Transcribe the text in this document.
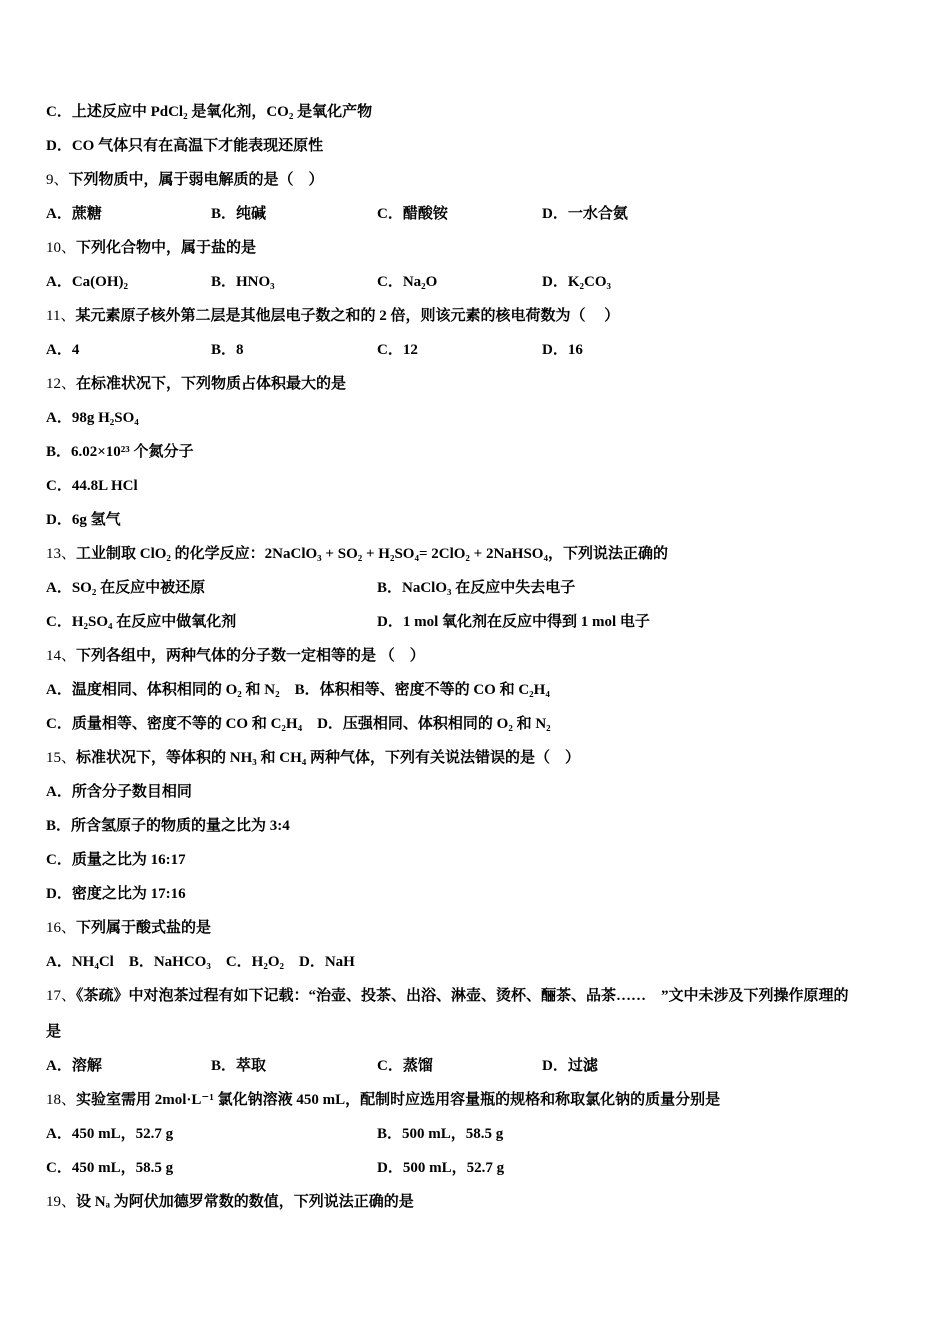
C．上述反应中 PdCl₂ 是氧化剂，CO₂ 是氧化产物
D．CO 气体只有在高温下才能表现还原性
9、下列物质中，属于弱电解质的是（　）
A．蔗糖	B．纯碱	C．醋酸铵	D．一水合氨
10、下列化合物中，属于盐的是
A．Ca(OH)₂	B．HNO₃	C．Na₂O	D．K₂CO₃
11、某元素原子核外第二层是其他层电子数之和的 2 倍，则该元素的核电荷数为（　 ）
A．4	B．8	C．12	D．16
12、在标准状况下，下列物质占体积最大的是
A．98g H₂SO₄
B．6.02×10²³ 个氮分子
C．44.8L HCl
D．6g 氢气
13、工业制取 ClO₂ 的化学反应：2NaClO₃ + SO₂ + H₂SO₄= 2ClO₂ + 2NaHSO₄，下列说法正确的
A．SO₂ 在反应中被还原	B．NaClO₃ 在反应中失去电子
C．H₂SO₄ 在反应中做氧化剂	D．1 mol 氧化剂在反应中得到 1 mol 电子
14、下列各组中，两种气体的分子数一定相等的是 （　）
A．温度相同、体积相同的 O₂ 和 N₂　B．体积相等、密度不等的 CO 和 C₂H₄
C．质量相等、密度不等的 CO 和 C₂H₄　D．压强相同、体积相同的 O₂ 和 N₂
15、标准状况下，等体积的 NH₃ 和 CH₄ 两种气体，下列有关说法错误的是（　）
A．所含分子数目相同
B．所含氢原子的物质的量之比为 3:4
C．质量之比为 16:17
D．密度之比为 17:16
16、下列属于酸式盐的是
A．NH₄Cl　B．NaHCO₃　C．H₂O₂　D．NaH
17、《茶疏》中对泡茶过程有如下记载：“治壶、投茶、出浴、淋壶、烫杯、酾茶、品茶……　”文中未涉及下列操作原理的
是
A．溶解	B．萃取	C．蒸馏	D．过滤
18、实验室需用 2mol·L⁻¹ 氯化钠溶液 450 mL，配制时应选用容量瓶的规格和称取氯化钠的质量分别是
A．450 mL，52.7 g	B．500 mL，58.5 g
C．450 mL，58.5 g	D．500 mL，52.7 g
19、设 Nₐ 为阿伏加德罗常数的数值，下列说法正确的是
